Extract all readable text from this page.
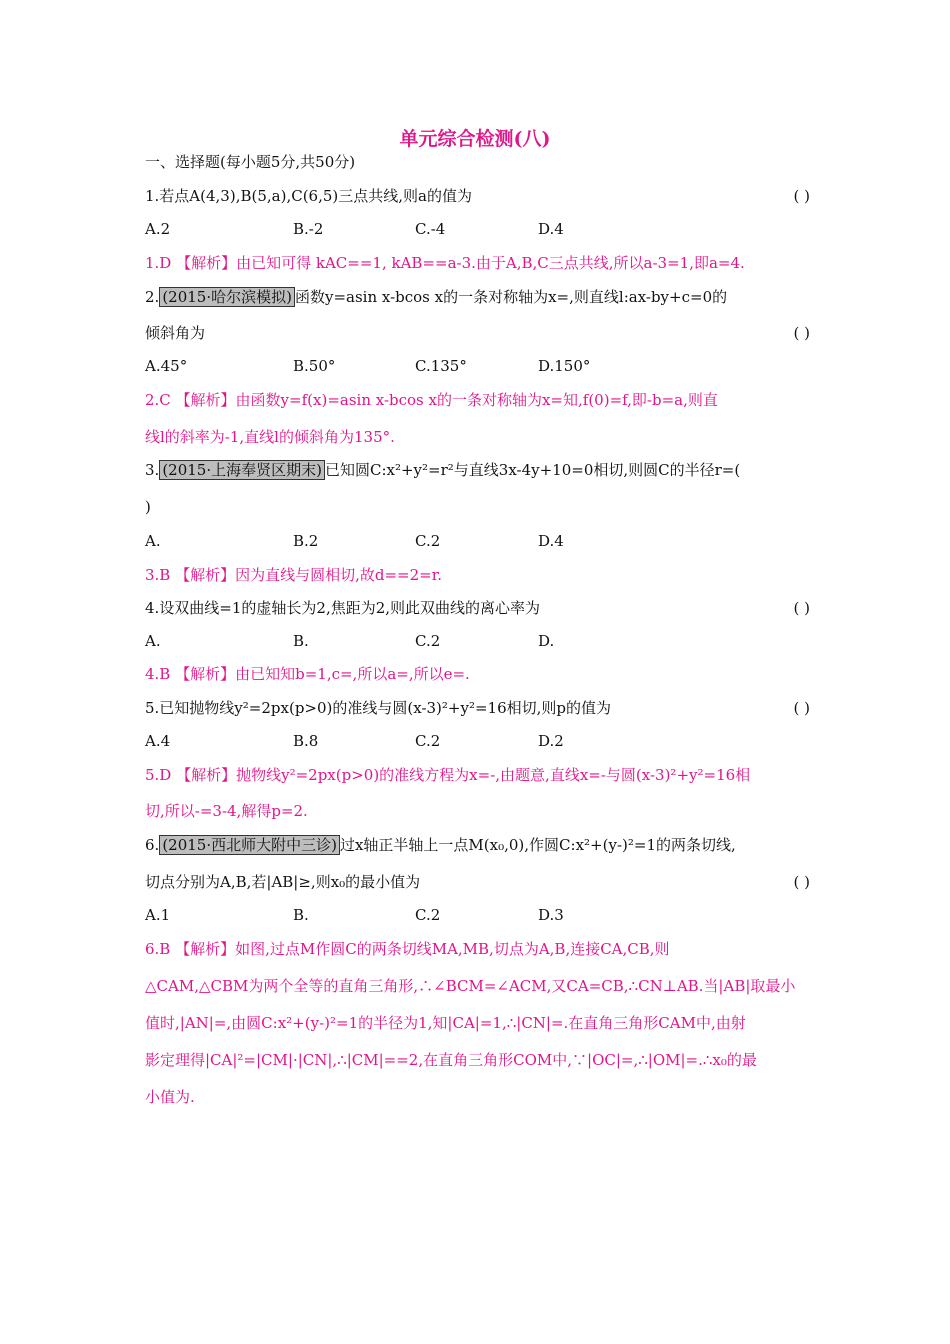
单元综合检测(八)
一、选择题(每小题5分,共50分)
1.若点A(4,3),B(5,a),C(6,5)三点共线,则a的值为	( )
A.2	B.-2	C.-4	D.4
1.D 【解析】由已知可得 kAC==1, kAB==a-3.由于A,B,C三点共线,所以a-3=1,即a=4.
2. (2015·哈尔滨模拟) 函数y=asin x-bcos x的一条对称轴为x=,则直线l:ax-by+c=0的
倾斜角为	( )
A.45°	B.50°	C.135°	D.150°
2.C 【解析】由函数y=f(x)=asin x-bcos x的一条对称轴为x=知,f(0)=f,即-b=a,则直
线l的斜率为-1,直线l的倾斜角为135°.
3. (2015·上海奉贤区期末) 已知圆C:x²+y²=r²与直线3x-4y+10=0相切,则圆C的半径r=(
)
A.	B.2	C.2	D.4
3.B 【解析】因为直线与圆相切,故d==2=r.
4.设双曲线=1的虚轴长为2,焦距为2,则此双曲线的离心率为	( )
A.	B.	C.2	D.
4.B 【解析】由已知知b=1,c=,所以a=,所以e=.
5.已知抛物线y²=2px(p>0)的准线与圆(x-3)²+y²=16相切,则p的值为	( )
A.4	B.8	C.2	D.2
5.D 【解析】抛物线y²=2px(p>0)的准线方程为x=-,由题意,直线x=-与圆(x-3)²+y²=16相
切,所以-=3-4,解得p=2.
6. (2015·西北师大附中三诊) 过x轴正半轴上一点M(x₀,0),作圆C:x²+(y-)²=1的两条切线,
切点分别为A,B,若|AB|≥,则x₀的最小值为	( )
A.1	B.	C.2	D.3
6.B 【解析】如图,过点M作圆C的两条切线MA,MB,切点为A,B,连接CA,CB,则
△CAM,△CBM为两个全等的直角三角形,∴∠BCM=∠ACM,又CA=CB,∴CN⊥AB.当|AB|取最小
值时,|AN|=,由圆C:x²+(y-)²=1的半径为1,知|CA|=1,∴|CN|=.在直角三角形CAM中,由射
影定理得|CA|²=|CM|·|CN|,∴|CM|==2,在直角三角形COM中,∵|OC|=,∴|OM|=.∴x₀的最
小值为.
